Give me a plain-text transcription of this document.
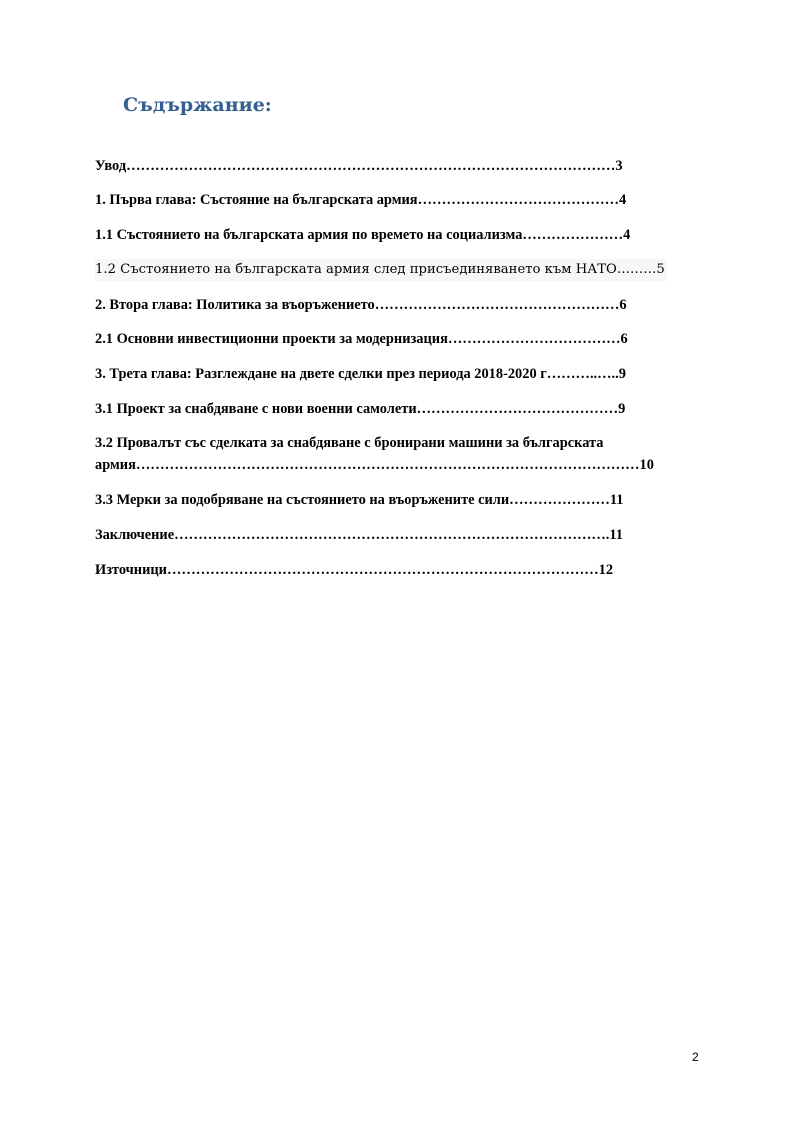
Съдържание:
Увод…………………………………………………………………………………………3
1. Първа глава: Състояние на българската армия……………………………………4
1.1 Състоянието на българската армия по времето на социализма…………………4
1.2 Състоянието на българската армия след присъединяването към НАТО………5
2. Втора глава: Политика за въоръжението……………………………………………6
2.1 Основни инвестиционни проекти за модернизация………………………………6
3. Трета глава: Разглеждане на двете сделки през периода 2018-2020 г………..…..9
3.1 Проект за снабдяване с нови военни самолети……………………………………9
3.2 Провалът със сделката за снабдяване с бронирани машини за българската
армия……………………………………………………………………………………………10
3.3 Мерки за подобряване на състоянието на въоръжените сили…………………11
Заключение……………………………………………………………………………….11
Източници………………………………………………………………………………12
2
